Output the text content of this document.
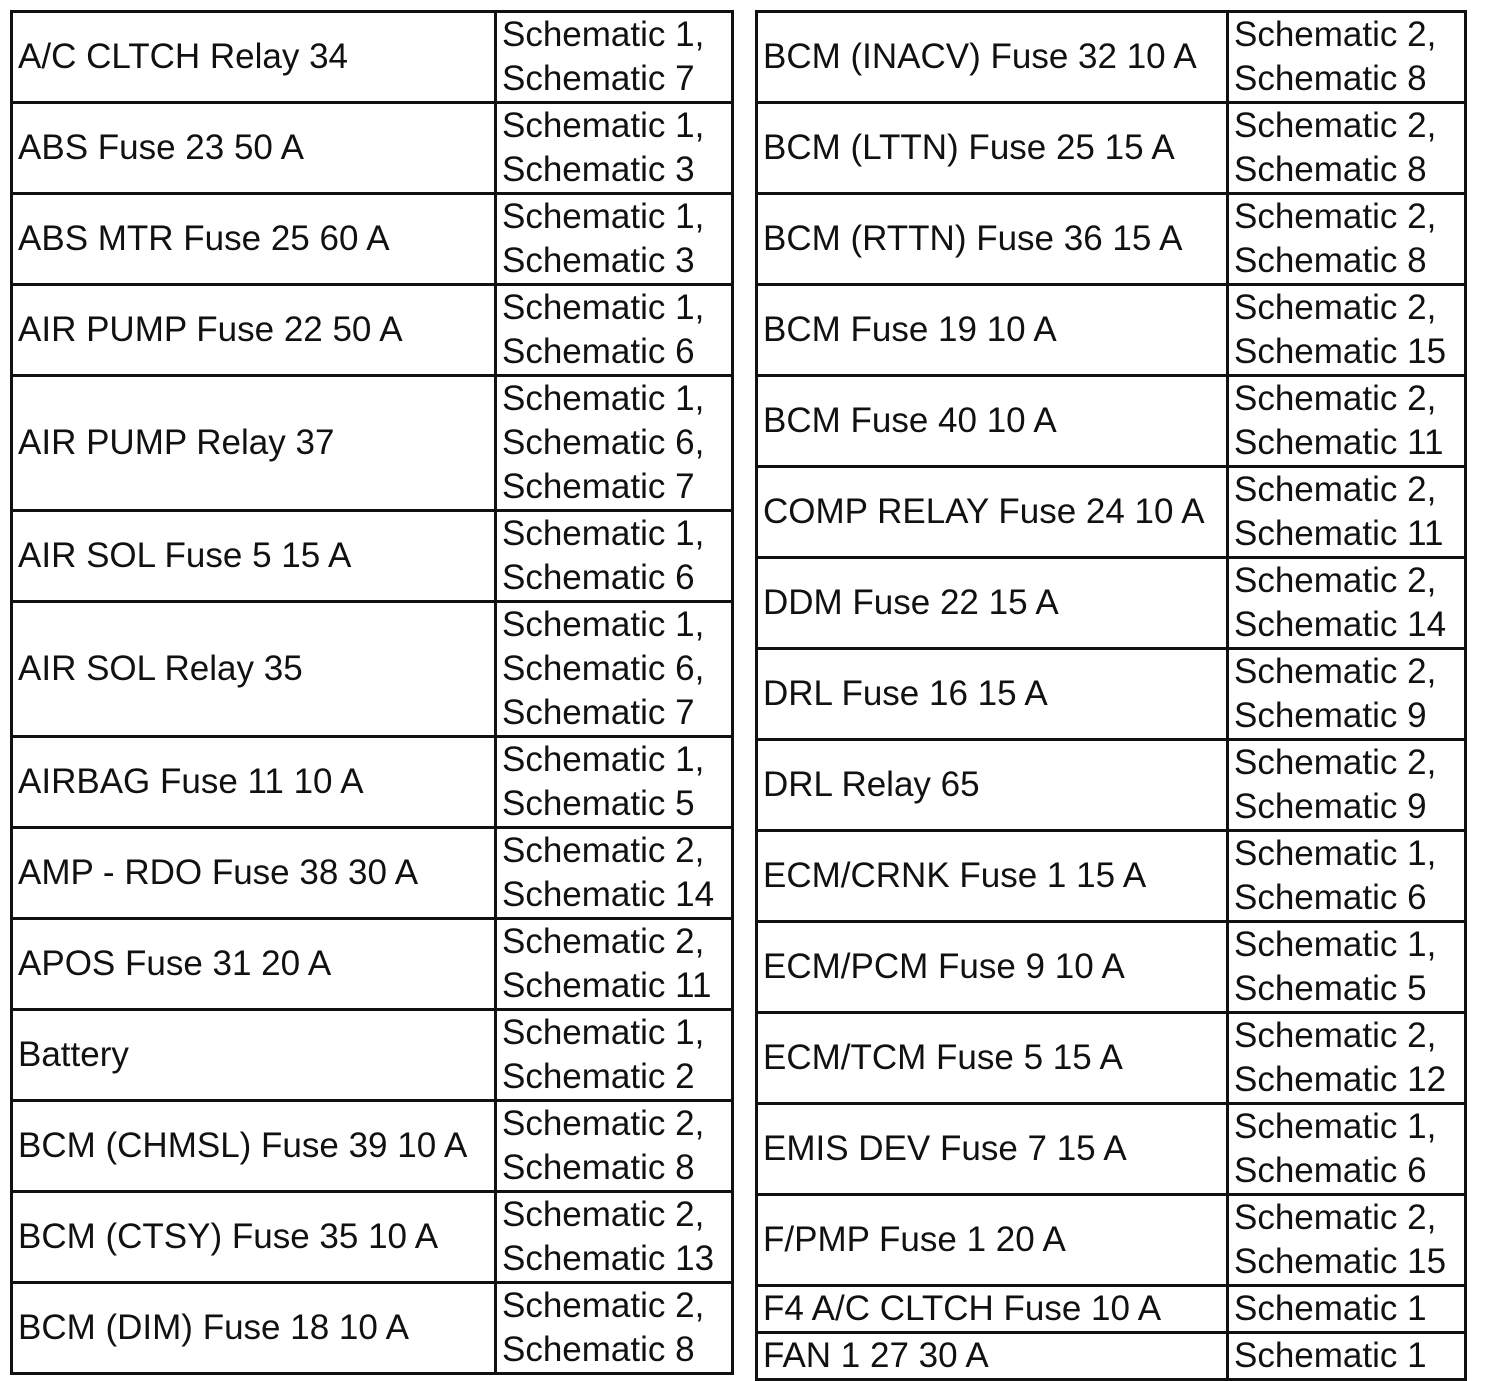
A/C CLTCH Relay 34	Schematic 1,
Schematic 7

ABS Fuse 23 50 A	Schematic 1,
Schematic 3

ABS MTR Fuse 25 60 A	Schematic 1,
Schematic 3

AIR PUMP Fuse 22 50 A	Schematic 1,
Schematic 6

AIR PUMP Relay 37	Schematic 1,
Schematic 6,
Schematic 7

AIR SOL Fuse 5 15 A	Schematic 1,
Schematic 6

AIR SOL Relay 35	Schematic 1,
Schematic 6,
Schematic 7

AIRBAG Fuse 11 10 A	Schematic 1,
Schematic 5

AMP - RDO Fuse 38 30 A	Schematic 2,
Schematic 14

APOS Fuse 31 20 A	Schematic 2,
Schematic 11

Battery	Schematic 1,
Schematic 2

BCM (CHMSL) Fuse 39 10 A	Schematic 2,
Schematic 8

BCM (CTSY) Fuse 35 10 A	Schematic 2,
Schematic 13

BCM (DIM) Fuse 18 10 A	Schematic 2,
Schematic 8
BCM (INACV) Fuse 32 10 A	Schematic 2,
Schematic 8

BCM (LTTN) Fuse 25 15 A	Schematic 2,
Schematic 8

BCM (RTTN) Fuse 36 15 A	Schematic 2,
Schematic 8

BCM Fuse 19 10 A	Schematic 2,
Schematic 15

BCM Fuse 40 10 A	Schematic 2,
Schematic 11

COMP RELAY Fuse 24 10 A	Schematic 2,
Schematic 11

DDM Fuse 22 15 A	Schematic 2,
Schematic 14

DRL Fuse 16 15 A	Schematic 2,
Schematic 9

DRL Relay 65	Schematic 2,
Schematic 9

ECM/CRNK Fuse 1 15 A	Schematic 1,
Schematic 6

ECM/PCM Fuse 9 10 A	Schematic 1,
Schematic 5

ECM/TCM Fuse 5 15 A	Schematic 2,
Schematic 12

EMIS DEV Fuse 7 15 A	Schematic 1,
Schematic 6

F/PMP Fuse 1 20 A	Schematic 2,
Schematic 15

F4 A/C CLTCH Fuse 10 A	Schematic 1

FAN 1 27 30 A	Schematic 1
